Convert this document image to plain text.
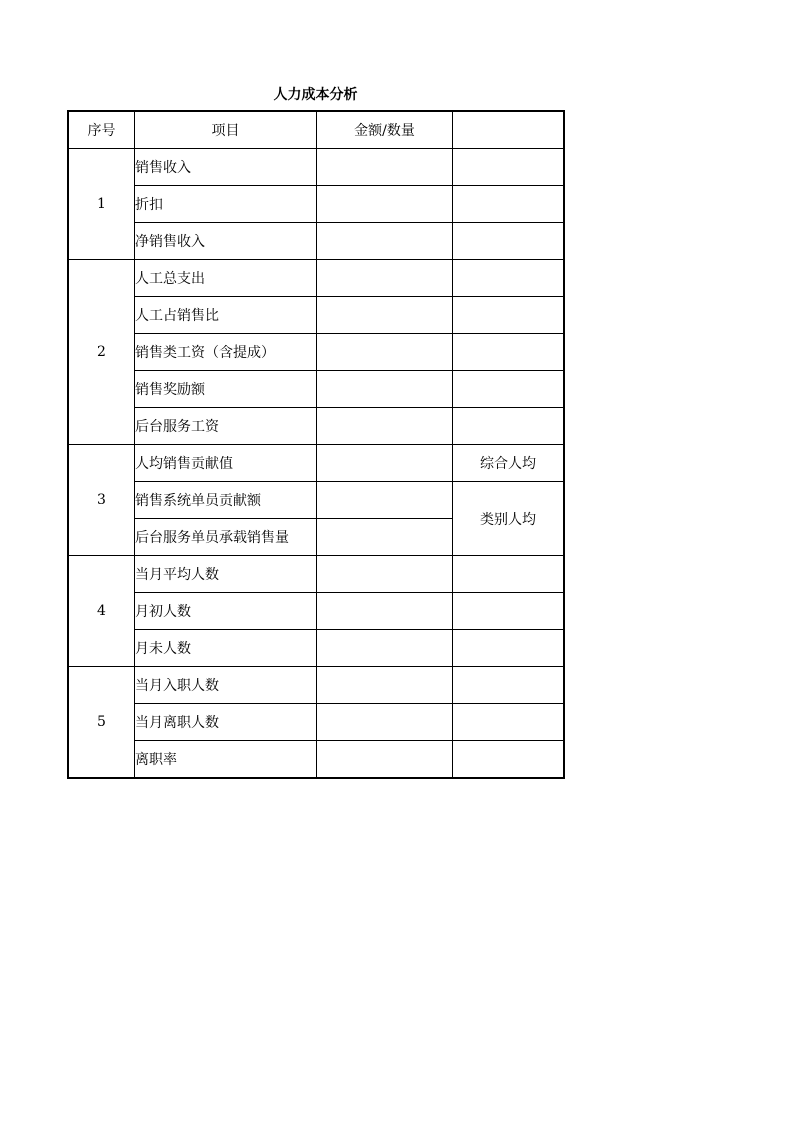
人力成本分析
序号	项目	金额/数量	
1	销售收入		
	折扣		
	净销售收入		
2	人工总支出		
	人工占销售比		
	销售类工资（含提成）		
	销售奖励额		
	后台服务工资		
3	人均销售贡献值		综合人均
	销售系统单员贡献额		类别人均
	后台服务单员承载销售量		
4	当月平均人数		
	月初人数		
	月未人数		
5	当月入职人数		
	当月离职人数		
	离职率		
